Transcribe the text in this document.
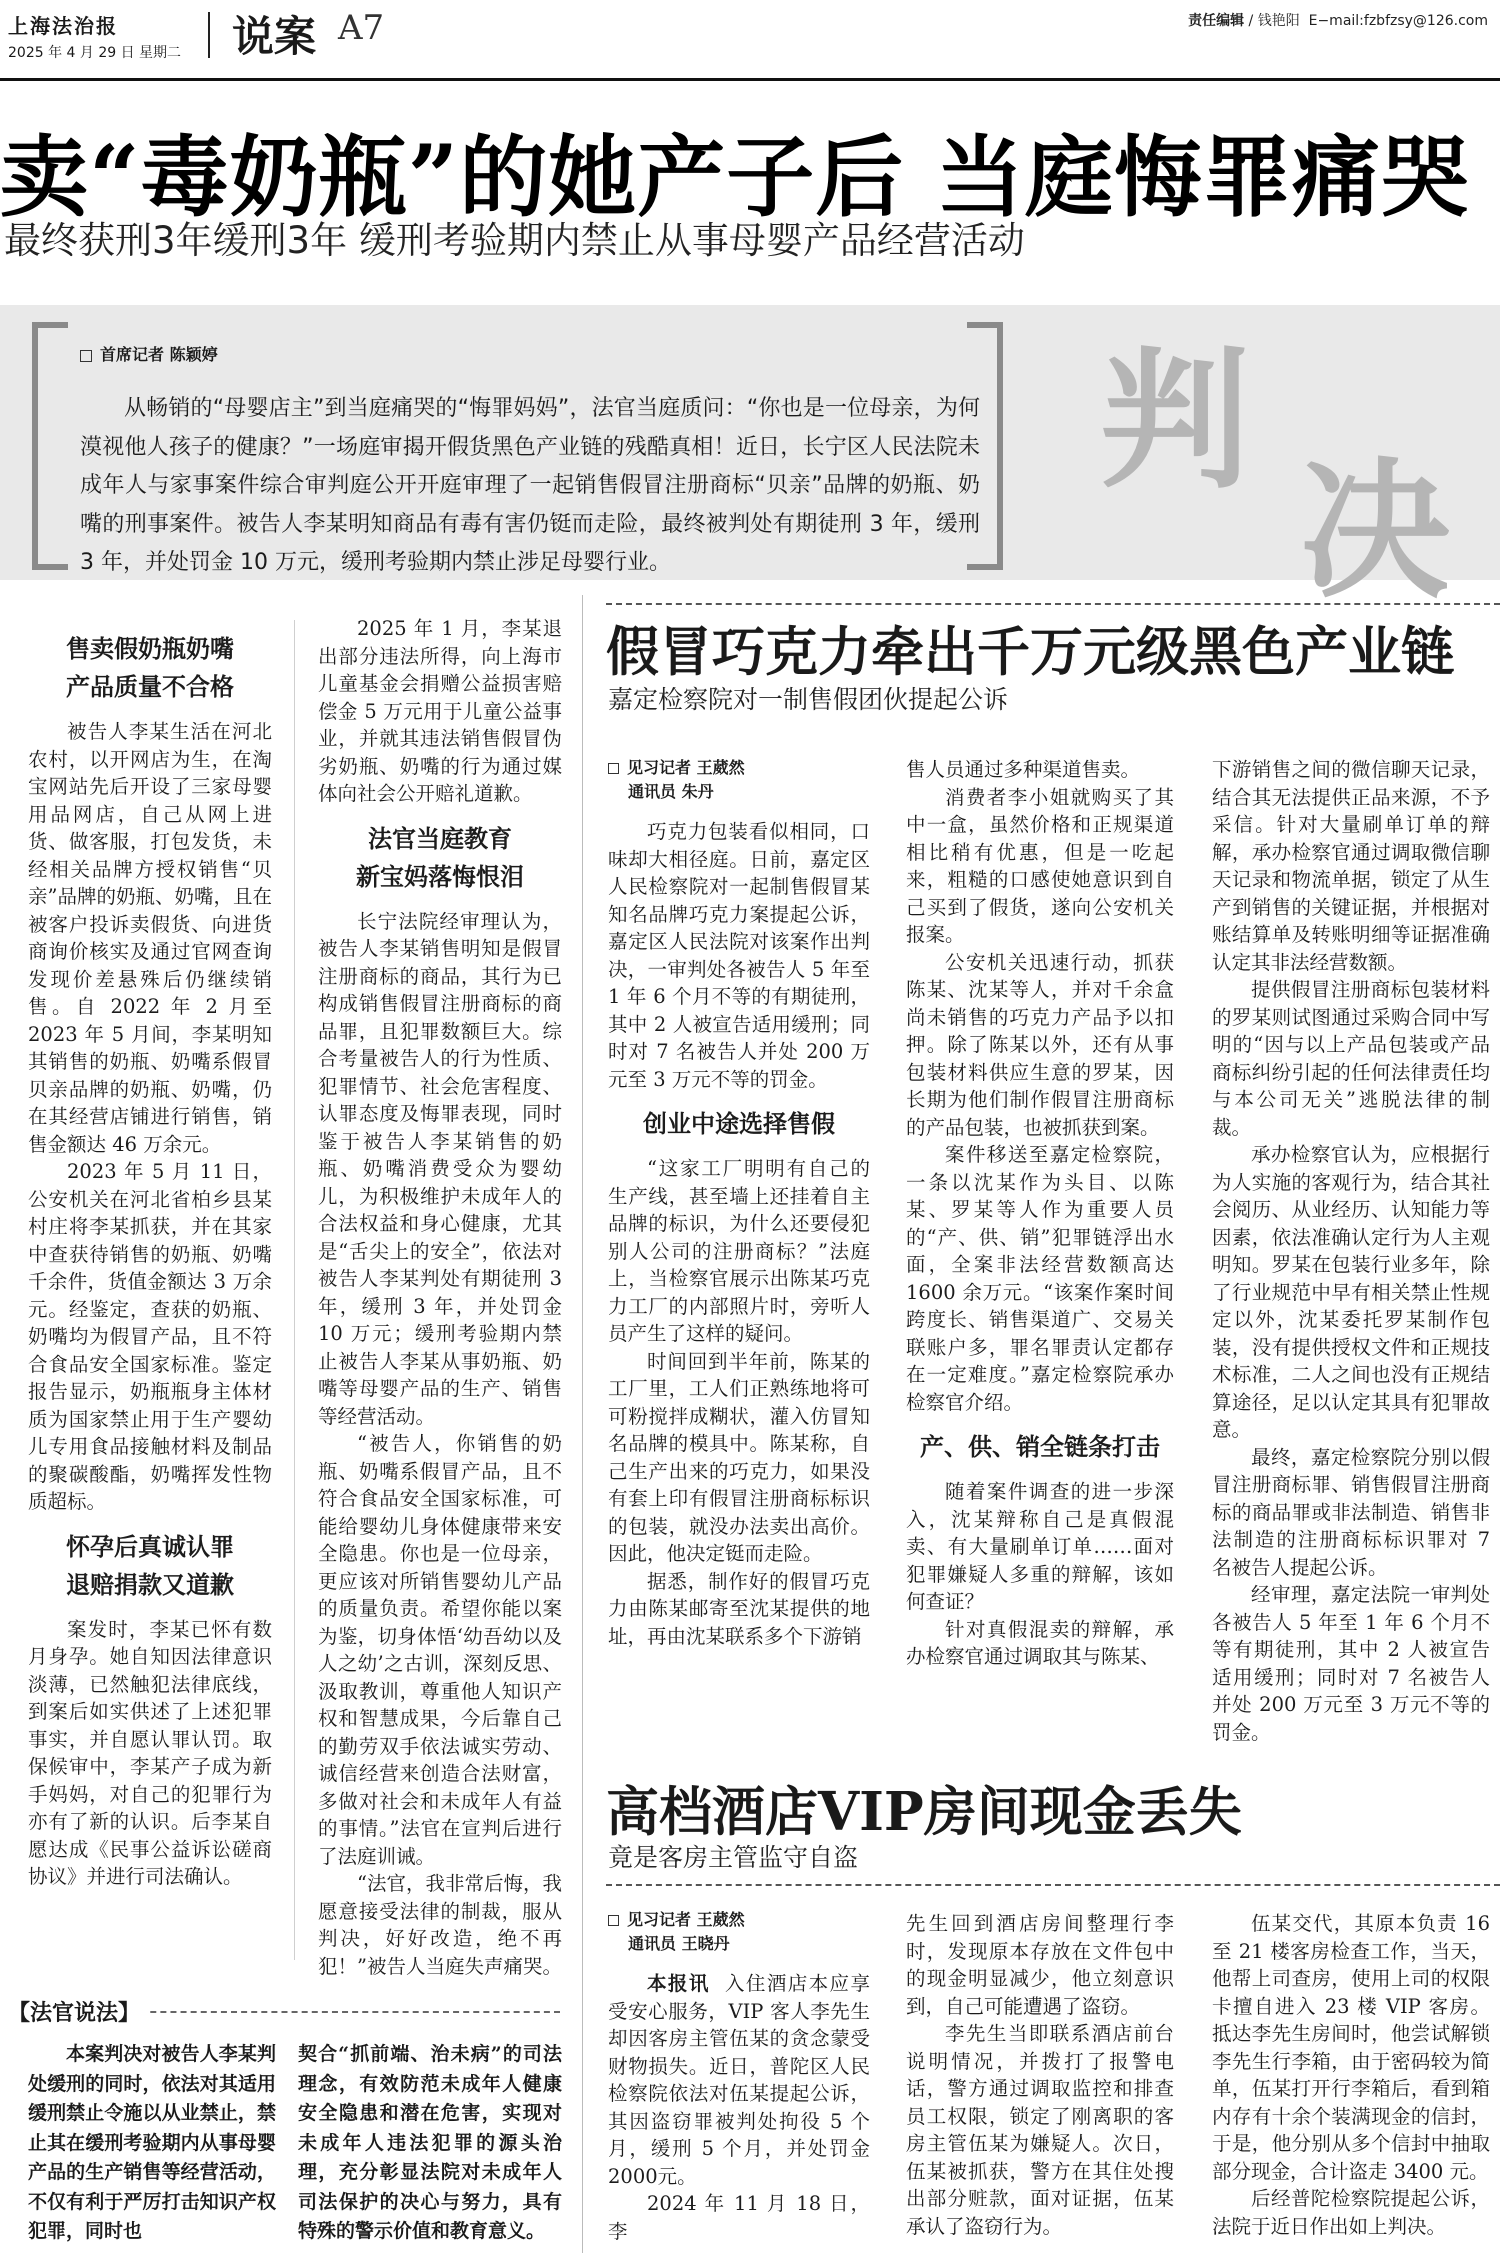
上海法治报
2025 年 4 月 29 日 星期二 说案 A7	责任编辑 / 钱艳阳 E−mail:fzbfzsy@126.com
卖“毒奶瓶”的她产子后 当庭悔罪痛哭
最终获刑3年缓刑3年 缓刑考验期内禁止从事母婴产品经营活动
首席记者 陈颖婷
从畅销的“母婴店主”到当庭痛哭的“悔罪妈妈”，法官当庭质问：“你也是一位母亲，为何漠视他人孩子的健康？”一场庭审揭开假货黑色产业链的残酷真相！近日，长宁区人民法院未成年人与家事案件综合审判庭公开开庭审理了一起销售假冒注册商标“贝亲”品牌的奶瓶、奶嘴的刑事案件。被告人李某明知商品有毒有害仍铤而走险，最终被判处有期徒刑 3 年，缓刑 3 年，并处罚金 10 万元，缓刑考验期内禁止涉足母婴行业。
判
决
售卖假奶瓶奶嘴
产品质量不合格

被告人李某生活在河北农村，以开网店为生，在淘宝网站先后开设了三家母婴用品网店，自己从网上进货、做客服，打包发货，未经相关品牌方授权销售“贝亲”品牌的奶瓶、奶嘴，且在被客户投诉卖假货、向进货商询价核实及通过官网查询发现价差悬殊后仍继续销售。自 2022 年 2 月至 2023 年 5 月间，李某明知其销售的奶瓶、奶嘴系假冒贝亲品牌的奶瓶、奶嘴，仍在其经营店铺进行销售，销售金额达 46 万余元。

2023 年 5 月 11 日，公安机关在河北省柏乡县某村庄将李某抓获，并在其家中查获待销售的奶瓶、奶嘴千余件，货值金额达 3 万余元。经鉴定，查获的奶瓶、奶嘴均为假冒产品，且不符合食品安全国家标准。鉴定报告显示，奶瓶瓶身主体材质为国家禁止用于生产婴幼儿专用食品接触材料及制品的聚碳酸酯，奶嘴挥发性物质超标。

怀孕后真诚认罪
退赔捐款又道歉

案发时，李某已怀有数月身孕。她自知因法律意识淡薄，已然触犯法律底线，到案后如实供述了上述犯罪事实，并自愿认罪认罚。取保候审中，李某产子成为新手妈妈，对自己的犯罪行为亦有了新的认识。后李某自愿达成《民事公益诉讼磋商协议》并进行司法确认。

2025 年 1 月，李某退出部分违法所得，向上海市儿童基金会捐赠公益损害赔偿金 5 万元用于儿童公益事业，并就其违法销售假冒伪劣奶瓶、奶嘴的行为通过媒体向社会公开赔礼道歉。

法官当庭教育
新宝妈落悔恨泪

长宁法院经审理认为，被告人李某销售明知是假冒注册商标的商品，其行为已构成销售假冒注册商标的商品罪，且犯罪数额巨大。综合考量被告人的行为性质、犯罪情节、社会危害程度、认罪态度及悔罪表现，同时鉴于被告人李某销售的奶瓶、奶嘴消费受众为婴幼儿，为积极维护未成年人的合法权益和身心健康，尤其是“舌尖上的安全”，依法对被告人李某判处有期徒刑 3 年，缓刑 3 年，并处罚金 10 万元；缓刑考验期内禁止被告人李某从事奶瓶、奶嘴等母婴产品的生产、销售等经营活动。

“被告人，你销售的奶瓶、奶嘴系假冒产品，且不符合食品安全国家标准，可能给婴幼儿身体健康带来安全隐患。你也是一位母亲，更应该对所销售婴幼儿产品的质量负责。希望你能以案为鉴，切身体悟‘幼吾幼以及人之幼’之古训，深刻反思、汲取教训，尊重他人知识产权和智慧成果，今后靠自己的勤劳双手依法诚实劳动、诚信经营来创造合法财富，多做对社会和未成年人有益的事情。”法官在宣判后进行了法庭训诫。

“法官，我非常后悔，我愿意接受法律的制裁，服从判决，好好改造，绝不再犯！”被告人当庭失声痛哭。

【法官说法】

本案判决对被告人李某判处缓刑的同时，依法对其适用缓刑禁止令施以从业禁止，禁止其在缓刑考验期内从事母婴产品的生产销售等经营活动，不仅有利于严厉打击知识产权犯罪，同时也

契合“抓前端、治未病”的司法理念，有效防范未成年人健康安全隐患和潜在危害，实现对未成年人违法犯罪的源头治理，充分彰显法院对未成年人司法保护的决心与努力，具有特殊的警示价值和教育意义。
假冒巧克力牵出千万元级黑色产业链
嘉定检察院对一制售假团伙提起公诉
见习记者 王葳然
通讯员 朱丹

巧克力包装看似相同，口味却大相径庭。日前，嘉定区人民检察院对一起制售假冒某知名品牌巧克力案提起公诉，嘉定区人民法院对该案作出判决，一审判处各被告人 5 年至 1 年 6 个月不等的有期徒刑，其中 2 人被宣告适用缓刑；同时对 7 名被告人并处 200 万元至 3 万元不等的罚金。

创业中途选择售假

“这家工厂明明有自己的生产线，甚至墙上还挂着自主品牌的标识，为什么还要侵犯别人公司的注册商标？”法庭上，当检察官展示出陈某巧克力工厂的内部照片时，旁听人员产生了这样的疑问。

时间回到半年前，陈某的工厂里，工人们正熟练地将可可粉搅拌成糊状，灌入仿冒知名品牌的模具中。陈某称，自己生产出来的巧克力，如果没有套上印有假冒注册商标标识的包装，就没办法卖出高价。因此，他决定铤而走险。

据悉，制作好的假冒巧克力由陈某邮寄至沈某提供的地址，再由沈某联系多个下游销

售人员通过多种渠道售卖。

消费者李小姐就购买了其中一盒，虽然价格和正规渠道相比稍有优惠，但是一吃起来，粗糙的口感使她意识到自己买到了假货，遂向公安机关报案。

公安机关迅速行动，抓获陈某、沈某等人，并对千余盒尚未销售的巧克力产品予以扣押。除了陈某以外，还有从事包装材料供应生意的罗某，因长期为他们制作假冒注册商标的产品包装，也被抓获到案。

案件移送至嘉定检察院，一条以沈某作为头目、以陈某、罗某等人作为重要人员的“产、供、销”犯罪链浮出水面，全案非法经营数额高达 1600 余万元。“该案作案时间跨度长、销售渠道广、交易关联账户多，罪名罪责认定都存在一定难度。”嘉定检察院承办检察官介绍。

产、供、销全链条打击

随着案件调查的进一步深入，沈某辩称自己是真假混卖、有大量刷单订单……面对犯罪嫌疑人多重的辩解，该如何查证？

针对真假混卖的辩解，承办检察官通过调取其与陈某、

下游销售之间的微信聊天记录，结合其无法提供正品来源，不予采信。针对大量刷单订单的辩解，承办检察官通过调取微信聊天记录和物流单据，锁定了从生产到销售的关键证据，并根据对账结算单及转账明细等证据准确认定其非法经营数额。

提供假冒注册商标包装材料的罗某则试图通过采购合同中写明的“因与以上产品包装或产品商标纠纷引起的任何法律责任均与本公司无关”逃脱法律的制裁。

承办检察官认为，应根据行为人实施的客观行为，结合其社会阅历、从业经历、认知能力等因素，依法准确认定行为人主观明知。罗某在包装行业多年，除了行业规范中早有相关禁止性规定以外，沈某委托罗某制作包装，没有提供授权文件和正规技术标准，二人之间也没有正规结算途径，足以认定其具有犯罪故意。

最终，嘉定检察院分别以假冒注册商标罪、销售假冒注册商标的商品罪或非法制造、销售非法制造的注册商标标识罪对 7 名被告人提起公诉。

经审理，嘉定法院一审判处各被告人 5 年至 1 年 6 个月不等有期徒刑，其中 2 人被宣告适用缓刑；同时对 7 名被告人并处 200 万元至 3 万元不等的罚金。

高档酒店VIP房间现金丢失
竟是客房主管监守自盗
见习记者 王葳然
通讯员 王晓丹

本报讯 入住酒店本应享受安心服务，VIP 客人李先生却因客房主管伍某的贪念蒙受财物损失。近日，普陀区人民检察院依法对伍某提起公诉，其因盗窃罪被判处拘役 5 个月，缓刑 5 个月，并处罚金 2000元。

2024 年 11 月 18 日，李

先生回到酒店房间整理行李时，发现原本存放在文件包中的现金明显减少，他立刻意识到，自己可能遭遇了盗窃。

李先生当即联系酒店前台说明情况，并拨打了报警电话，警方通过调取监控和排查员工权限，锁定了刚离职的客房主管伍某为嫌疑人。次日，伍某被抓获，警方在其住处搜出部分赃款，面对证据，伍某承认了盗窃行为。

伍某交代，其原本负责 16 至 21 楼客房检查工作，当天，他帮上司查房，使用上司的权限卡擅自进入 23 楼 VIP 客房。抵达李先生房间时，他尝试解锁李先生行李箱，由于密码较为简单，伍某打开行李箱后，看到箱内存有十余个装满现金的信封，于是，他分别从多个信封中抽取部分现金，合计盗走 3400 元。

后经普陀检察院提起公诉，法院于近日作出如上判决。
